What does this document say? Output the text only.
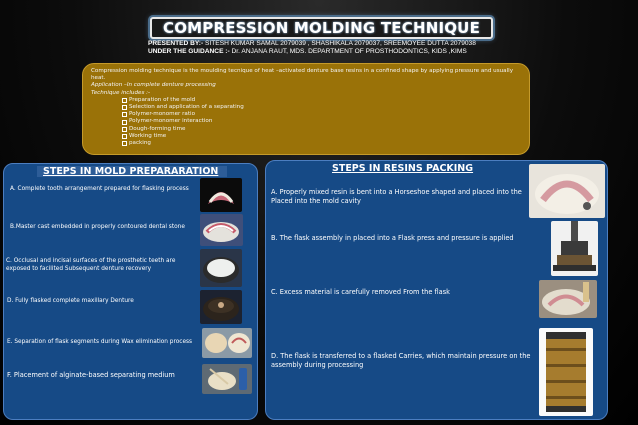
COMPRESSION MOLDING TECHNIQUE
PRESENTED BY:- SITESH KUMAR SAMAL 2079039 , SHASHIKALA 2079037, SREEMOYEE DUTTA 2079038
UNDER THE GUIDANCE :- Dr. ANJANA RAUT, MDS. DEPARTMENT OF PROSTHODONTICS, KIDS ,KIMS
Compression molding technique is the moulding tecnique of heat –activated denture base resins in a confined shape by applying pressure and usually heat.
Application –In complete denture processing
Technique includes :-
Preparation of the mold
Selection and application of a separating
Polymer-monomer ratio
Polymer-monomer interaction
Dough-forming time
Working time
packing
STEPS IN MOLD PREPARARATION
A. Complete tooth arrangement prepared for flasking process
B.Master cast embedded in properly contoured dental stone
C. Occlusal and incisal surfaces of the prosthetic teeth are exposed to facilited Subsequent denture recovery
D. Fully flasked complete maxillary Denture
E. Separation of flask segments during Wax elimination process
F. Placement of alginate-based separating medium
STEPS IN RESINS PACKING
A. Properly mixed resin is bent into a Horseshoe shaped and placed into the Placed into the mold cavity
B. The flask assembly in placed into a Flask press and pressure is applied
C. Excess material is carefully removed From the flask
D. The flask is transferred to a flasked Carries, which maintain pressure on the assembly during processing
